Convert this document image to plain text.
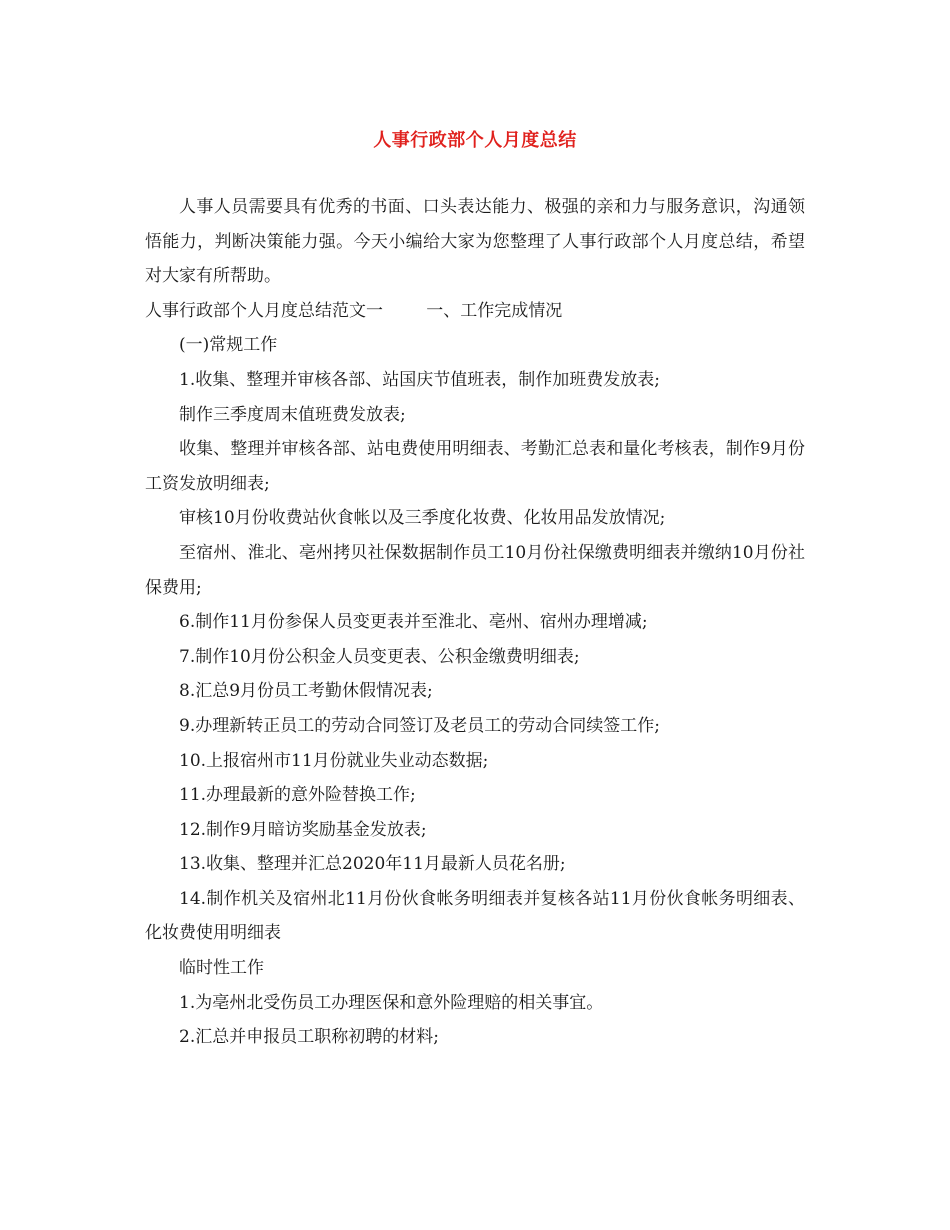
人事行政部个人月度总结

人事人员需要具有优秀的书面、口头表达能力、极强的亲和力与服务意识，沟通领悟能力，判断决策能力强。今天小编给大家为您整理了人事行政部个人月度总结，希望对大家有所帮助。

人事行政部个人月度总结范文一	一、工作完成情况

(一)常规工作

1.收集、整理并审核各部、站国庆节值班表，制作加班费发放表;

制作三季度周末值班费发放表;

收集、整理并审核各部、站电费使用明细表、考勤汇总表和量化考核表，制作9月份工资发放明细表;

审核10月份收费站伙食帐以及三季度化妆费、化妆用品发放情况;

至宿州、淮北、亳州拷贝社保数据制作员工10月份社保缴费明细表并缴纳10月份社保费用;

6.制作11月份参保人员变更表并至淮北、亳州、宿州办理增减;

7.制作10月份公积金人员变更表、公积金缴费明细表;

8.汇总9月份员工考勤休假情况表;

9.办理新转正员工的劳动合同签订及老员工的劳动合同续签工作;

10.上报宿州市11月份就业失业动态数据;

11.办理最新的意外险替换工作;

12.制作9月暗访奖励基金发放表;

13.收集、整理并汇总2020年11月最新人员花名册;

14.制作机关及宿州北11月份伙食帐务明细表并复核各站11月份伙食帐务明细表、化妆费使用明细表

临时性工作

1.为亳州北受伤员工办理医保和意外险理赔的相关事宜。

2.汇总并申报员工职称初聘的材料;
